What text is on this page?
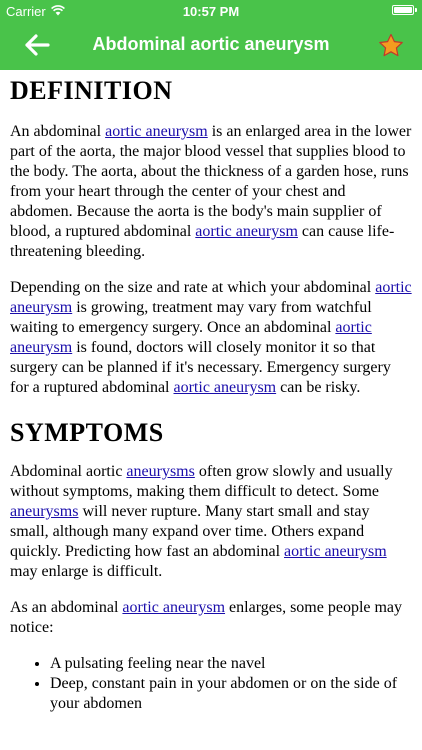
Carrier	10:57 PM
Abdominal aortic aneurysm
DEFINITION

An abdominal aortic aneurysm is an enlarged area in the lower part of the aorta, the major blood vessel that supplies blood to the body. The aorta, about the thickness of a garden hose, runs from your heart through the center of your chest and abdomen. Because the aorta is the body's main supplier of blood, a ruptured abdominal aortic aneurysm can cause life-threatening bleeding.

Depending on the size and rate at which your abdominal aortic aneurysm is growing, treatment may vary from watchful waiting to emergency surgery. Once an abdominal aortic aneurysm is found, doctors will closely monitor it so that surgery can be planned if it's necessary. Emergency surgery for a ruptured abdominal aortic aneurysm can be risky.

SYMPTOMS

Abdominal aortic aneurysms often grow slowly and usually without symptoms, making them difficult to detect. Some aneurysms will never rupture. Many start small and stay small, although many expand over time. Others expand quickly. Predicting how fast an abdominal aortic aneurysm may enlarge is difficult.

As an abdominal aortic aneurysm enlarges, some people may notice:

• A pulsating feeling near the navel
• Deep, constant pain in your abdomen or on the side of your abdomen
